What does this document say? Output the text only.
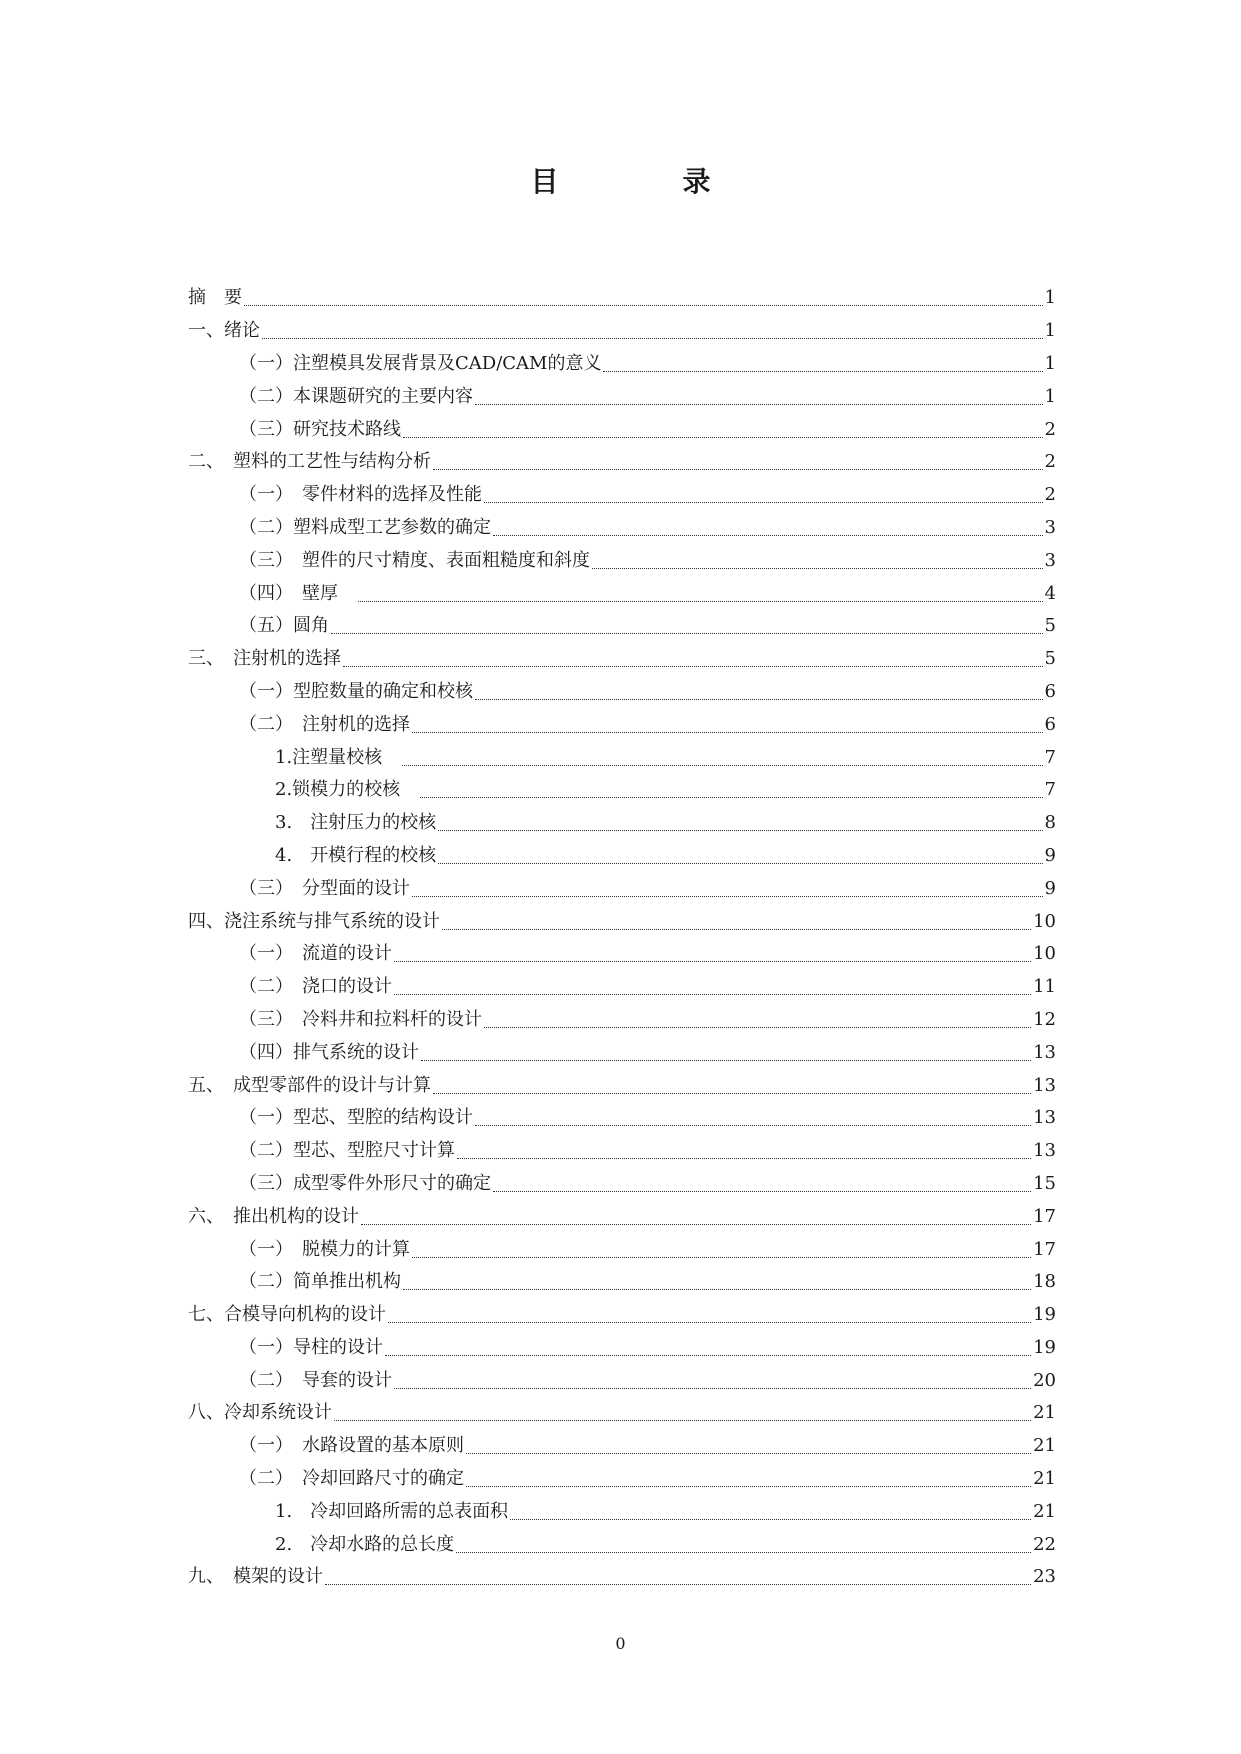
目　录
摘　要	1
一、绪论	1
（一）注塑模具发展背景及CAD/CAM的意义	1
（二）本课题研究的主要内容	1
（三）研究技术路线	2
二、　塑料的工艺性与结构分析	2
（一）　零件材料的选择及性能	2
（二）塑料成型工艺参数的确定	3
（三）　塑件的尺寸精度、表面粗糙度和斜度	3
（四）　壁厚　	4
（五）圆角	5
三、　注射机的选择	5
（一）型腔数量的确定和校核	6
（二）　注射机的选择	6
1.注塑量校核　	7
2.锁模力的校核　	7
3.　注射压力的校核	8
4.　开模行程的校核	9
（三）　分型面的设计	9
四、浇注系统与排气系统的设计	10
（一）　流道的设计	10
（二）　浇口的设计	11
（三）　冷料井和拉料杆的设计	12
（四）排气系统的设计	13
五、　成型零部件的设计与计算	13
（一）型芯、型腔的结构设计	13
（二）型芯、型腔尺寸计算	13
（三）成型零件外形尺寸的确定	15
六、　推出机构的设计	17
（一）　脱模力的计算	17
（二）简单推出机构	18
七、合模导向机构的设计	19
（一）导柱的设计	19
（二）　导套的设计	20
八、冷却系统设计	21
（一）　水路设置的基本原则	21
（二）　冷却回路尺寸的确定	21
1.　冷却回路所需的总表面积	21
2.　冷却水路的总长度	22
九、　模架的设计	23
0
